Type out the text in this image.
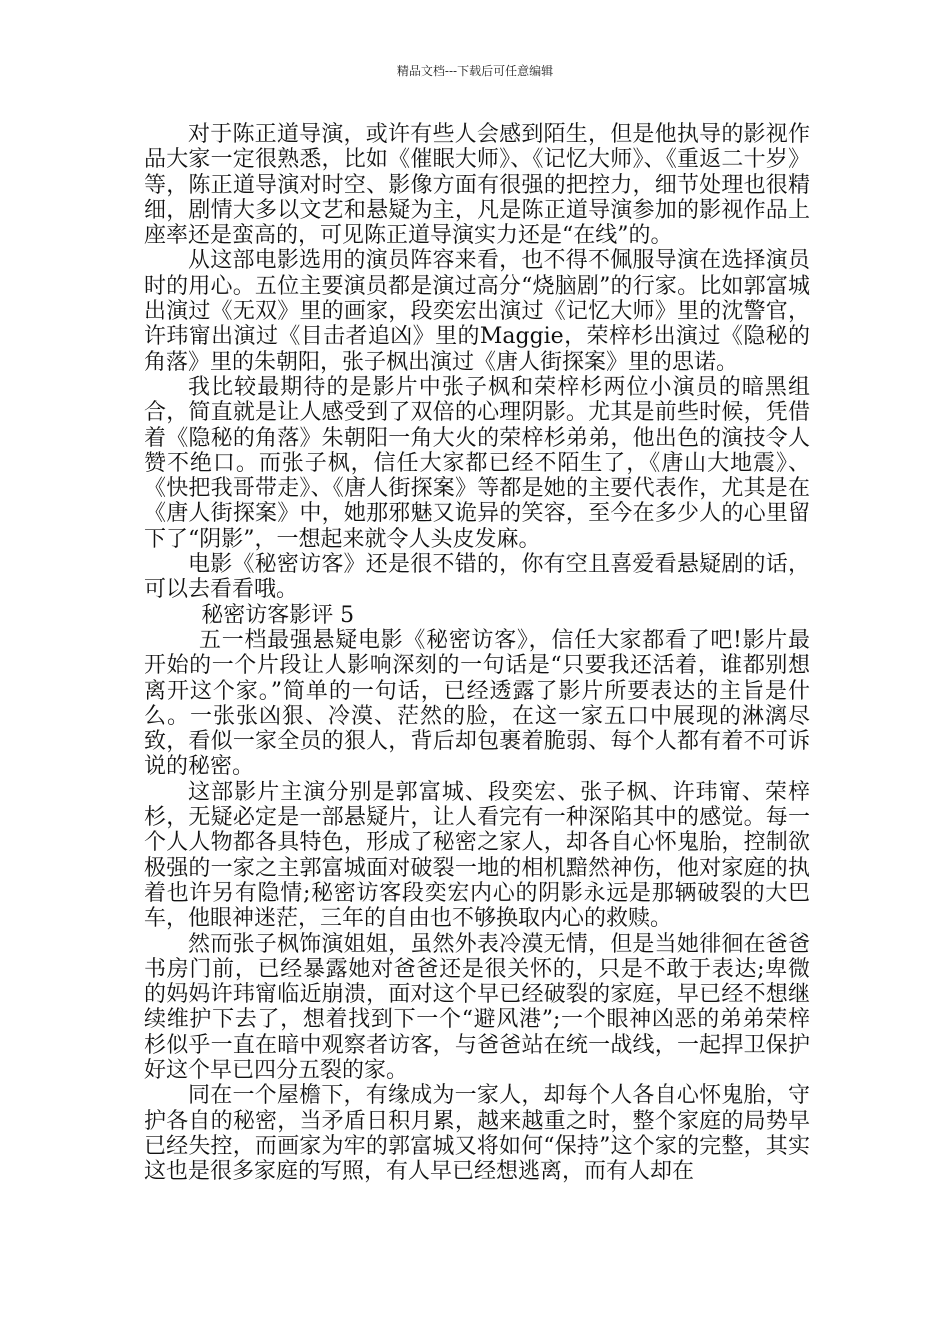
精品文档---下载后可任意编辑

对于陈正道导演，或许有些人会感到陌生，但是他执导的影视作品大家一定很熟悉，比如《催眠大师》、《记忆大师》、《重返二十岁》等，陈正道导演对时空、影像方面有很强的把控力，细节处理也很精细，剧情大多以文艺和悬疑为主，凡是陈正道导演参加的影视作品上座率还是蛮高的，可见陈正道导演实力还是“在线”的。

从这部电影选用的演员阵容来看，也不得不佩服导演在选择演员时的用心。五位主要演员都是演过高分“烧脑剧”的行家。比如郭富城出演过《无双》里的画家，段奕宏出演过《记忆大师》里的沈警官，许玮甯出演过《目击者追凶》里的Maggie，荣梓杉出演过《隐秘的角落》里的朱朝阳，张子枫出演过《唐人街探案》里的思诺。

我比较最期待的是影片中张子枫和荣梓杉两位小演员的暗黑组合，简直就是让人感受到了双倍的心理阴影。尤其是前些时候，凭借着《隐秘的角落》朱朝阳一角大火的荣梓杉弟弟，他出色的演技令人赞不绝口。而张子枫，信任大家都已经不陌生了，《唐山大地震》、《快把我哥带走》、《唐人街探案》等都是她的主要代表作，尤其是在《唐人街探案》中，她那邪魅又诡异的笑容，至今在多少人的心里留下了“阴影”，一想起来就令人头皮发麻。

电影《秘密访客》还是很不错的，你有空且喜爱看悬疑剧的话，可以去看看哦。

秘密访客影评 5

五一档最强悬疑电影《秘密访客》，信任大家都看了吧!影片最开始的一个片段让人影响深刻的一句话是“只要我还活着，谁都别想离开这个家。”简单的一句话，已经透露了影片所要表达的主旨是什么。一张张凶狠、冷漠、茫然的脸，在这一家五口中展现的淋漓尽致，看似一家全员的狠人，背后却包裹着脆弱、每个人都有着不可诉说的秘密。

这部影片主演分别是郭富城、段奕宏、张子枫、许玮甯、荣梓杉，无疑必定是一部悬疑片，让人看完有一种深陷其中的感觉。每一个人人物都各具特色，形成了秘密之家人，却各自心怀鬼胎，控制欲极强的一家之主郭富城面对破裂一地的相机黯然神伤，他对家庭的执着也许另有隐情;秘密访客段奕宏内心的阴影永远是那辆破裂的大巴车，他眼神迷茫，三年的自由也不够换取内心的救赎。

然而张子枫饰演姐姐，虽然外表冷漠无情，但是当她徘徊在爸爸书房门前，已经暴露她对爸爸还是很关怀的，只是不敢于表达;卑微的妈妈许玮甯临近崩溃，面对这个早已经破裂的家庭，早已经不想继续维护下去了，想着找到下一个“避风港”;一个眼神凶恶的弟弟荣梓杉似乎一直在暗中观察者访客，与爸爸站在统一战线，一起捍卫保护好这个早已四分五裂的家。

同在一个屋檐下，有缘成为一家人，却每个人各自心怀鬼胎，守护各自的秘密，当矛盾日积月累，越来越重之时，整个家庭的局势早已经失控，而画家为牢的郭富城又将如何“保持”这个家的完整，其实这也是很多家庭的写照，有人早已经想逃离，而有人却在
